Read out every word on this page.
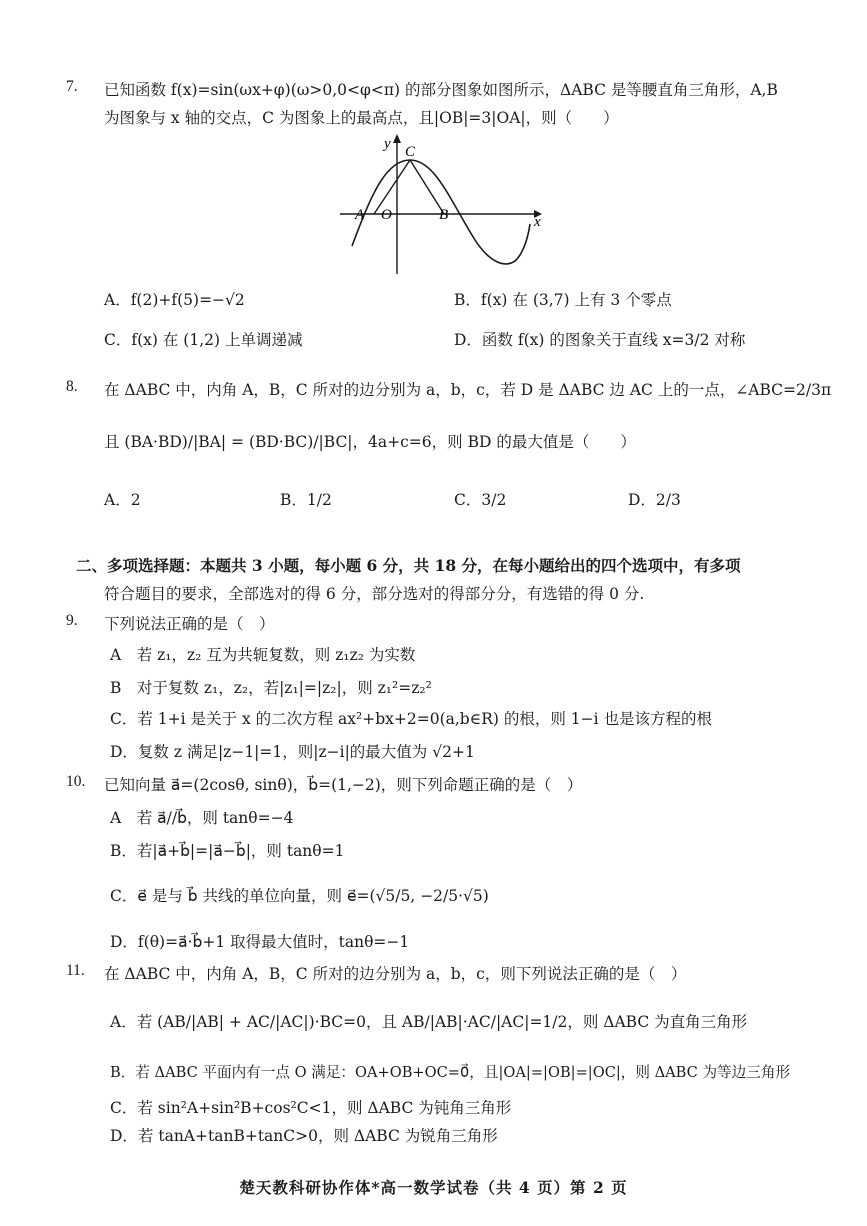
7. 已知函数 f(x)=sin(ωx+φ)(ω>0,0<φ<π) 的部分图象如图所示，ΔABC 是等腰直角三角形，A,B
为图象与 x 轴的交点，C 为图象上的最高点，且|OB|=3|OA|，则（　　）
y C
A O	B	x
A．f(2)+f(5)=−√2	B．f(x) 在 (3,7) 上有 3 个零点
C．f(x) 在 (1,2) 上单调递减	D．函数 f(x) 的图象关于直线 x=3/2 对称
8. 在 ΔABC 中，内角 A，B，C 所对的边分别为 a，b，c，若 D 是 ΔABC 边 AC 上的一点，∠ABC=2/3π
且 (BA·BD)/|BA| = (BD·BC)/|BC|，4a+c=6，则 BD 的最大值是（　　）
A．2	B．1/2	C．3/2	D．2/3
二、多项选择题：本题共 3 小题，每小题 6 分，共 18 分，在每小题给出的四个选项中，有多项
符合题目的要求，全部选对的得 6 分，部分选对的得部分分，有选错的得 0 分.
9. 下列说法正确的是（　）
A　若 z₁，z₂ 互为共轭复数，则 z₁z₂ 为实数
B　对于复数 z₁，z₂，若|z₁|=|z₂|，则 z₁²=z₂²
C．若 1+i 是关于 x 的二次方程 ax²+bx+2=0(a,b∈R) 的根，则 1−i 也是该方程的根
D．复数 z 满足|z−1|=1，则|z−i|的最大值为 √2+1
10. 已知向量 a⃗=(2cosθ, sinθ)，b⃗=(1,−2)，则下列命题正确的是（　）
A　若 a⃗//b⃗，则 tanθ=−4
B．若|a⃗+b⃗|=|a⃗−b⃗|，则 tanθ=1
C．e⃗ 是与 b⃗ 共线的单位向量，则 e⃗=(√5/5, −2/5·√5)
D．f(θ)=a⃗·b⃗+1 取得最大值时，tanθ=−1
11. 在 ΔABC 中，内角 A，B，C 所对的边分别为 a，b，c，则下列说法正确的是（　）
A．若 (AB/|AB| + AC/|AC|)·BC=0，且 AB/|AB|·AC/|AC|=1/2，则 ΔABC 为直角三角形
B．若 ΔABC 平面内有一点 O 满足：OA+OB+OC=0⃗，且|OA|=|OB|=|OC|，则 ΔABC 为等边三角形
C．若 sin²A+sin²B+cos²C<1，则 ΔABC 为钝角三角形
D．若 tanA+tanB+tanC>0，则 ΔABC 为锐角三角形
楚天教科研协作体*高一数学试卷（共 4 页）第 2 页
